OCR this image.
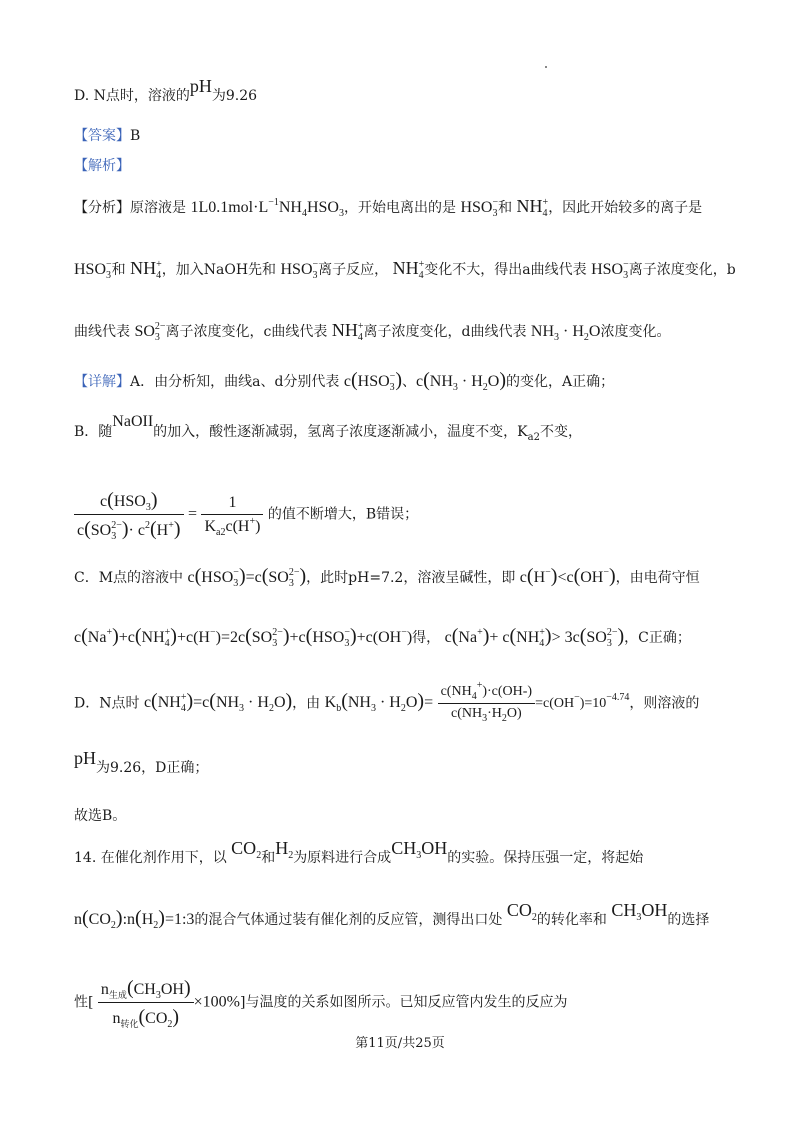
D. N点时，溶液的pH为9.26
【答案】B
【解析】
【分析】原溶液是 $1L0.1mol\cdot L^{-1}NH_4HSO_3$，开始电离出的是 $HSO_3^-$和 $NH_4^+$，因此开始较多的离子是
$HSO_3^-$和 $NH_4^+$，加入NaOH先和 $HSO_3^-$离子反应， $NH_4^+$变化不大，得出a曲线代表 $HSO_3^-$离子浓度变化，b
曲线代表 $SO_3^{2-}$离子浓度变化，c曲线代表 $NH_4^+$离子浓度变化，d曲线代表 $NH_3 \cdot H_2O$浓度变化。
【详解】A．由分析知，曲线a、d分别代表 $c(HSO_3^-)$、$c(NH_3 \cdot H_2O)$的变化，A正确；
B．随NaOII的加入，酸性逐渐减弱，氢离子浓度逐渐减小，温度不变，$K_{a2}$不变，
$\frac{c(HSO_3)}{c(SO_3^{2-})\cdot c^2(H^+)} = \frac{1}{K_{a2}c(H^+)}$ 的值不断增大，B错误；
C．M点的溶液中 $c(HSO_3^-)=c(SO_3^{2-})$，此时pH=7.2，溶液呈碱性，即 c(H−)<c(OH−)，由电荷守恒
$c(Na^+)+c(NH_4^+)+c(H^-)=2c(SO_3^{2-})+c(HSO_3^-)+c(OH^-)$得， $c(Na^+)+ c(NH_4^+)> 3c(SO_3^{2-})$，C正确；
D．N点时 $c(NH_4^+)=c(NH_3 \cdot H_2O)$，由 $K_b(NH_3 \cdot H_2O)= \frac{c(NH_4^+)\cdot c(OH-)}{c(NH_3\cdot H_2O)} =c(OH^-)=10^{-4.74}$，则溶液的
pH为9.26，D正确；
故选B。
14. 在催化剂作用下，以 $CO_2$和$H_2$为原料进行合成$CH_3OH$的实验。保持压强一定，将起始
$n(CO_2):n(H_2)=1:3$的混合气体通过装有催化剂的反应管，测得出口处 $CO_2$的转化率和 $CH_3OH$的选择
性[ $\frac{n_{生成}(CH_3OH)}{n_{转化}(CO_2)} \times 100\%$]与温度的关系如图所示。已知反应管内发生的反应为
第11页/共25页
